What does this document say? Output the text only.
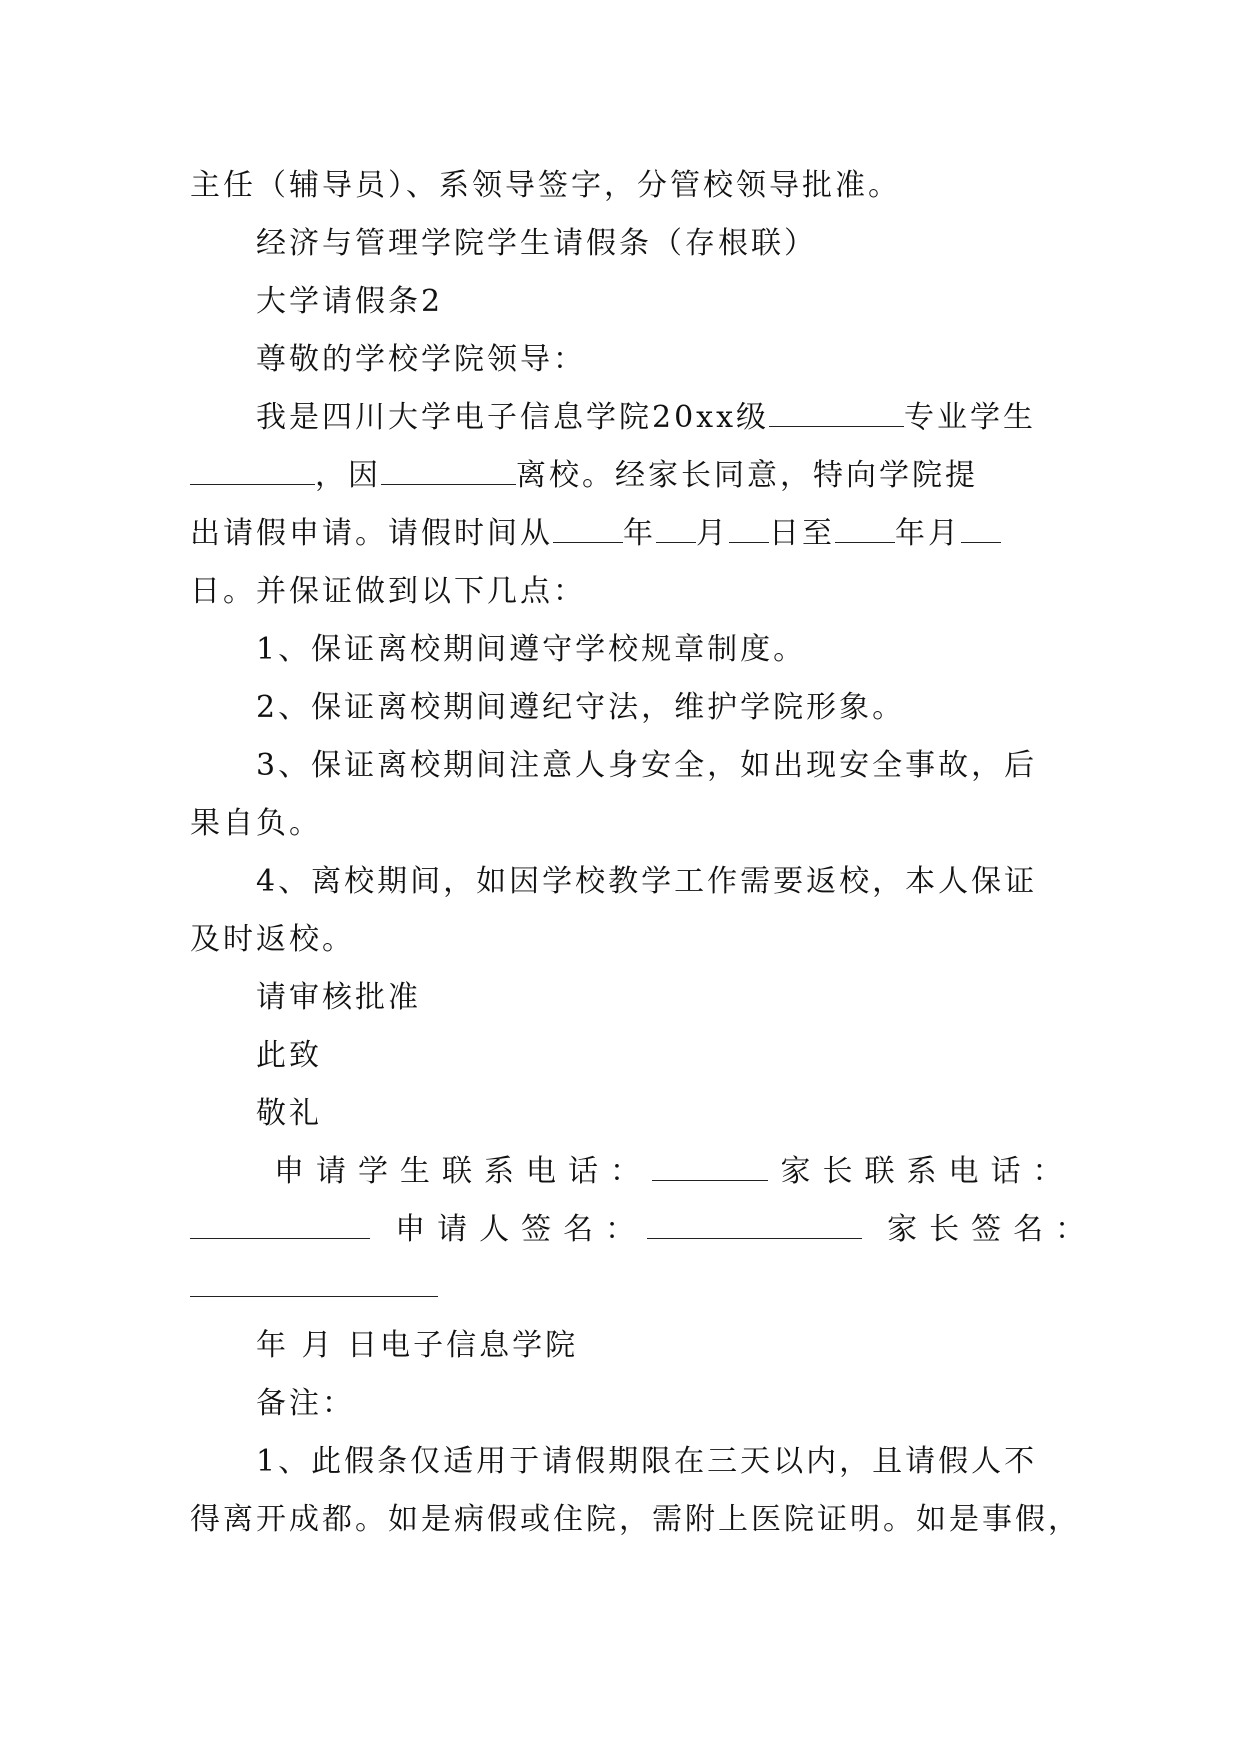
主任（辅导员）、系领导签字，分管校领导批准。
经济与管理学院学生请假条（存根联）
大学请假条2
尊敬的学校学院领导：
我是四川大学电子信息学院20xx级	专业学生
，因	离校。经家长同意，特向学院提
出请假申请。请假时间从 年 月 日至 年月
日。并保证做到以下几点：
1、保证离校期间遵守学校规章制度。
2、保证离校期间遵纪守法，维护学院形象。
3、保证离校期间注意人身安全，如出现安全事故，后
果自负。
4、离校期间，如因学校教学工作需要返校，本人保证
及时返校。
请审核批准
此致
敬礼
申请学生联系电话：	家长联系电话：
申请人签名：	家长签名：
年 月 日电子信息学院
备注：
1、此假条仅适用于请假期限在三天以内，且请假人不
得离开成都。如是病假或住院，需附上医院证明。如是事假，
